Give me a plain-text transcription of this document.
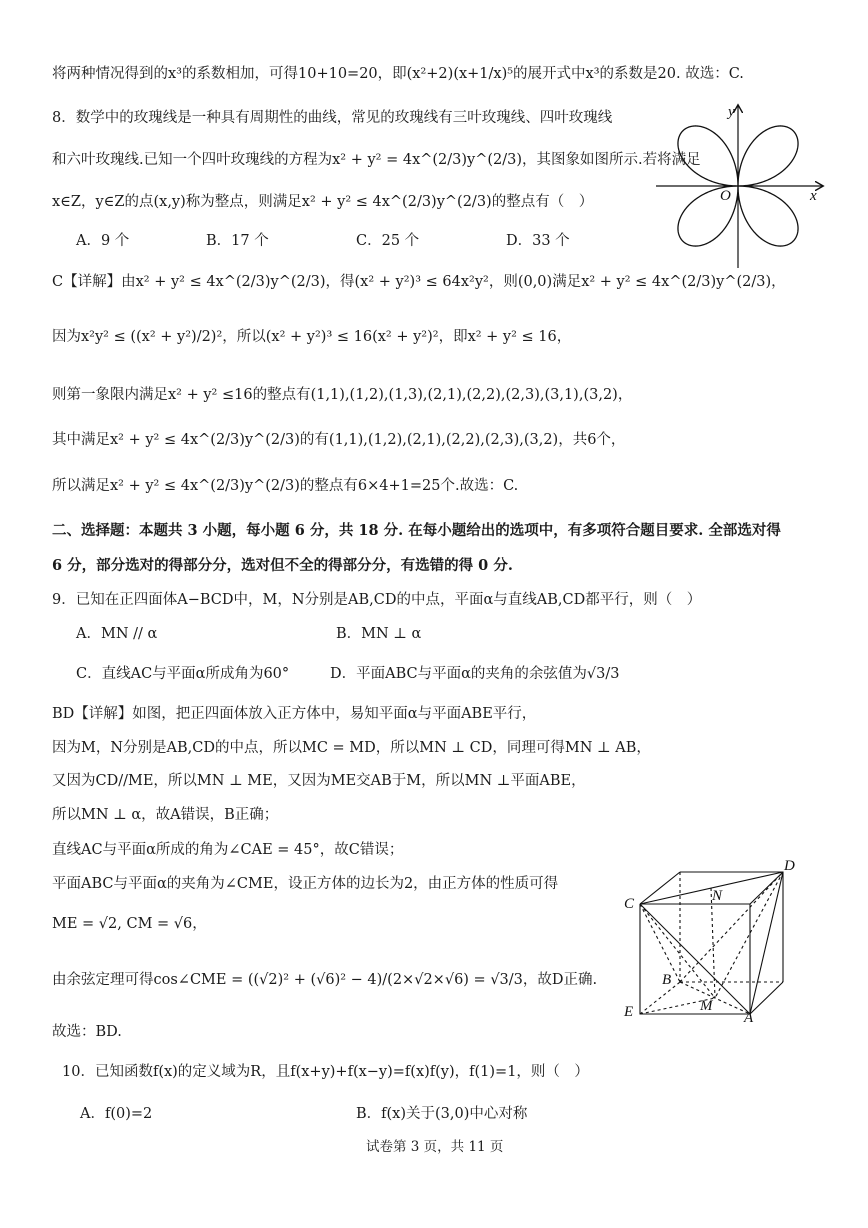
将两种情况得到的x³的系数相加，可得10+10=20，即(x²+2)(x+1/x)⁵的展开式中x³的系数是20. 故选：C.
8．数学中的玫瑰线是一种具有周期性的曲线，常见的玫瑰线有三叶玫瑰线、四叶玫瑰线
和六叶玫瑰线.已知一个四叶玫瑰线的方程为x² + y² = 4x^(2/3)y^(2/3)，其图象如图所示.若将满足
x∈Z，y∈Z的点(x,y)称为整点，则满足x² + y² ≤ 4x^(2/3)y^(2/3)的整点有（　）
A．9 个	B．17 个	C．25 个	D．33 个
C【详解】由x² + y² ≤ 4x^(2/3)y^(2/3)，得(x² + y²)³ ≤ 64x²y²，则(0,0)满足x² + y² ≤ 4x^(2/3)y^(2/3)，
因为x²y² ≤ ((x² + y²)/2)²，所以(x² + y²)³ ≤ 16(x² + y²)²，即x² + y² ≤ 16，
则第一象限内满足x² + y² ≤16的整点有(1,1),(1,2),(1,3),(2,1),(2,2),(2,3),(3,1),(3,2)，
其中满足x² + y² ≤ 4x^(2/3)y^(2/3)的有(1,1),(1,2),(2,1),(2,2),(2,3),(3,2)，共6个，
所以满足x² + y² ≤ 4x^(2/3)y^(2/3)的整点有6×4+1=25个.故选：C.
二、选择题：本题共 3 小题，每小题 6 分，共 18 分. 在每小题给出的选项中，有多项符合题目要求. 全部选对得
6 分，部分选对的得部分分，选对但不全的得部分分，有选错的得 0 分.
9．已知在正四面体A−BCD中，M，N分别是AB,CD的中点，平面α与直线AB,CD都平行，则（　）
A．MN // α	B．MN ⊥ α
C．直线AC与平面α所成角为60°	D．平面ABC与平面α的夹角的余弦值为√3/3
BD【详解】如图，把正四面体放入正方体中，易知平面α与平面ABE平行，
因为M，N分别是AB,CD的中点，所以MC = MD，所以MN ⊥ CD，同理可得MN ⊥ AB，
又因为CD//ME，所以MN ⊥ ME，又因为ME交AB于M，所以MN ⊥平面ABE，
所以MN ⊥ α，故A错误，B正确；
直线AC与平面α所成的角为∠CAE = 45°，故C错误；
平面ABC与平面α的夹角为∠CME，设正方体的边长为2，由正方体的性质可得
ME = √2, CM = √6，
由余弦定理可得cos∠CME = ((√2)² + (√6)² − 4)/(2×√2×√6) = √3/3，故D正确.
故选：BD.
10．已知函数f(x)的定义域为R，且f(x+y)+f(x−y)=f(x)f(y)，f(1)=1，则（　）
A．f(0)=2	B．f(x)关于(3,0)中心对称
试卷第 3 页，共 11 页
x
y
O
D
C	N
B
M
E	A
